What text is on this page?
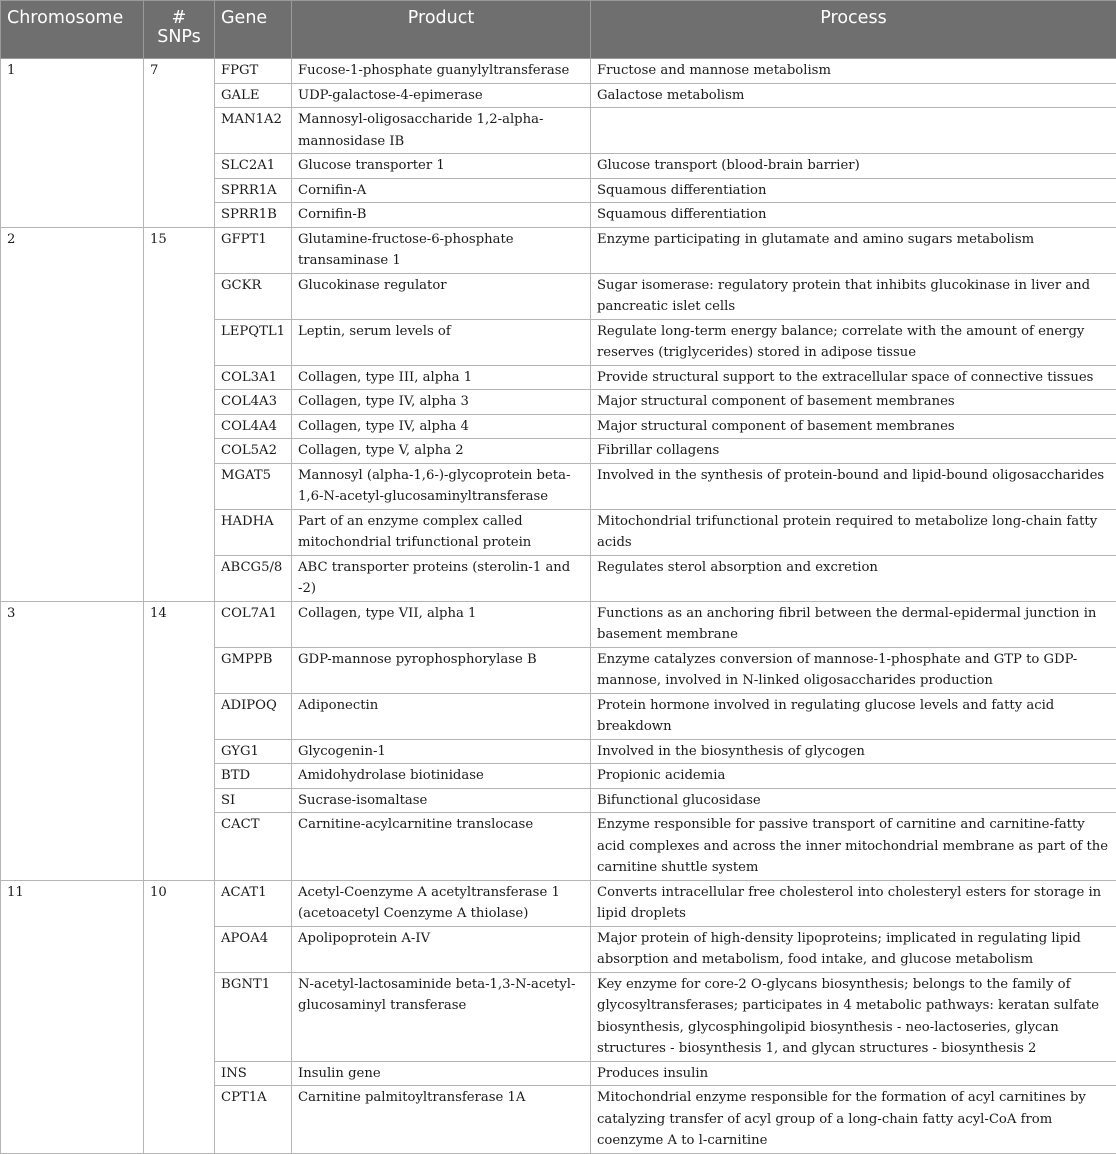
Chromosome	# SNPs	Gene	Product	Process
1	7	FPGT	Fucose-1-phosphate guanylyltransferase	Fructose and mannose metabolism
		GALE	UDP-galactose-4-epimerase	Galactose metabolism
		MAN1A2	Mannosyl-oligosaccharide 1,2-alpha-mannosidase IB	
		SLC2A1	Glucose transporter 1	Glucose transport (blood-brain barrier)
		SPRR1A	Cornifin-A	Squamous differentiation
		SPRR1B	Cornifin-B	Squamous differentiation
2	15	GFPT1	Glutamine-fructose-6-phosphate transaminase 1	Enzyme participating in glutamate and amino sugars metabolism
		GCKR	Glucokinase regulator	Sugar isomerase: regulatory protein that inhibits glucokinase in liver and pancreatic islet cells
		LEPQTL1	Leptin, serum levels of	Regulate long-term energy balance; correlate with the amount of energy reserves (triglycerides) stored in adipose tissue
		COL3A1	Collagen, type III, alpha 1	Provide structural support to the extracellular space of connective tissues
		COL4A3	Collagen, type IV, alpha 3	Major structural component of basement membranes
		COL4A4	Collagen, type IV, alpha 4	Major structural component of basement membranes
		COL5A2	Collagen, type V, alpha 2	Fibrillar collagens
		MGAT5	Mannosyl (alpha-1,6-)-glycoprotein beta-1,6-N-acetyl-glucosaminyltransferase	Involved in the synthesis of protein-bound and lipid-bound oligosaccharides
		HADHA	Part of an enzyme complex called mitochondrial trifunctional protein	Mitochondrial trifunctional protein required to metabolize long-chain fatty acids
		ABCG5/8	ABC transporter proteins (sterolin-1 and -2)	Regulates sterol absorption and excretion
3	14	COL7A1	Collagen, type VII, alpha 1	Functions as an anchoring fibril between the dermal-epidermal junction in basement membrane
		GMPPB	GDP-mannose pyrophosphorylase B	Enzyme catalyzes conversion of mannose-1-phosphate and GTP to GDP-mannose, involved in N-linked oligosaccharides production
		ADIPOQ	Adiponectin	Protein hormone involved in regulating glucose levels and fatty acid breakdown
		GYG1	Glycogenin-1	Involved in the biosynthesis of glycogen
		BTD	Amidohydrolase biotinidase	Propionic acidemia
		SI	Sucrase-isomaltase	Bifunctional glucosidase
		CACT	Carnitine-acylcarnitine translocase	Enzyme responsible for passive transport of carnitine and carnitine-fatty acid complexes and across the inner mitochondrial membrane as part of the carnitine shuttle system
11	10	ACAT1	Acetyl-Coenzyme A acetyltransferase 1 (acetoacetyl Coenzyme A thiolase)	Converts intracellular free cholesterol into cholesteryl esters for storage in lipid droplets
		APOA4	Apolipoprotein A-IV	Major protein of high-density lipoproteins; implicated in regulating lipid absorption and metabolism, food intake, and glucose metabolism
		BGNT1	N-acetyl-lactosaminide beta-1,3-N-acetyl-glucosaminyl transferase	Key enzyme for core-2 O-glycans biosynthesis; belongs to the family of glycosyltransferases; participates in 4 metabolic pathways: keratan sulfate biosynthesis, glycosphingolipid biosynthesis - neo-lactoseries, glycan structures - biosynthesis 1, and glycan structures - biosynthesis 2
		INS	Insulin gene	Produces insulin
		CPT1A	Carnitine palmitoyltransferase 1A	Mitochondrial enzyme responsible for the formation of acyl carnitines by catalyzing transfer of acyl group of a long-chain fatty acyl-CoA from coenzyme A to l-carnitine
